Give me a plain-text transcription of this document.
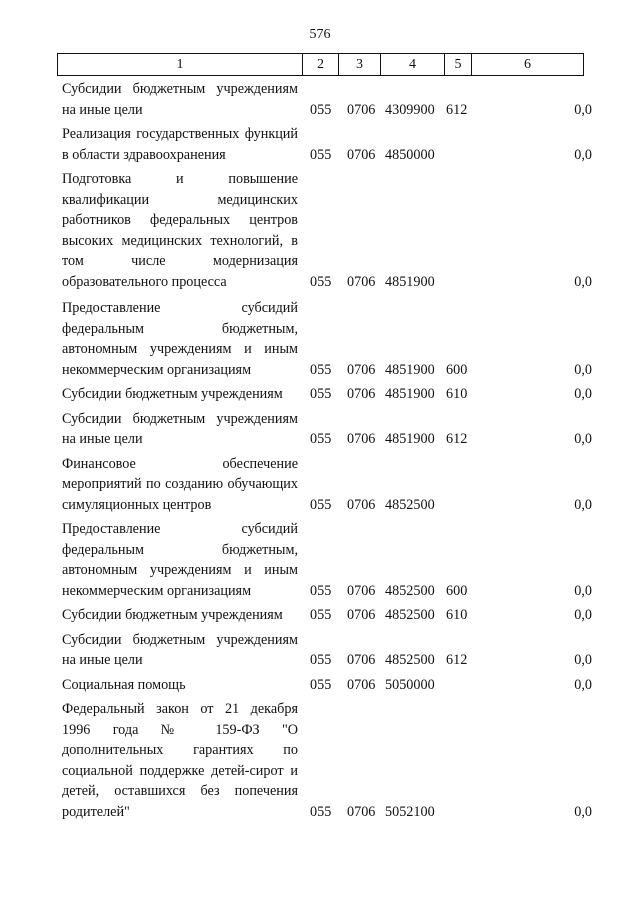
576
1	2	3	4	5	6
Субсидии бюджетным учреждениям на иные цели	055 0706 4309900 612	0,0
Реализация государственных функций в области здравоохранения	055 0706 4850000	0,0
Подготовка и повышение квалификации медицинских работников федеральных центров высоких медицинских технологий, в том числе модернизация образовательного процесса	055 0706 4851900	0,0
Предоставление субсидий федеральным бюджетным, автономным учреждениям и иным некоммерческим организациям	055 0706 4851900 600	0,0
Субсидии бюджетным учреждениям	055 0706 4851900 610	0,0
Субсидии бюджетным учреждениям на иные цели	055 0706 4851900 612	0,0
Финансовое обеспечение мероприятий по созданию обучающих симуляционных центров	055 0706 4852500	0,0
Предоставление субсидий федеральным бюджетным, автономным учреждениям и иным некоммерческим организациям	055 0706 4852500 600	0,0
Субсидии бюджетным учреждениям	055 0706 4852500 610	0,0
Субсидии бюджетным учреждениям на иные цели	055 0706 4852500 612	0,0
Социальная помощь	055 0706 5050000	0,0
Федеральный закон от 21 декабря 1996 года № 159-ФЗ "О дополнительных гарантиях по социальной поддержке детей-сирот и детей, оставшихся без попечения родителей"	055 0706 5052100	0,0
